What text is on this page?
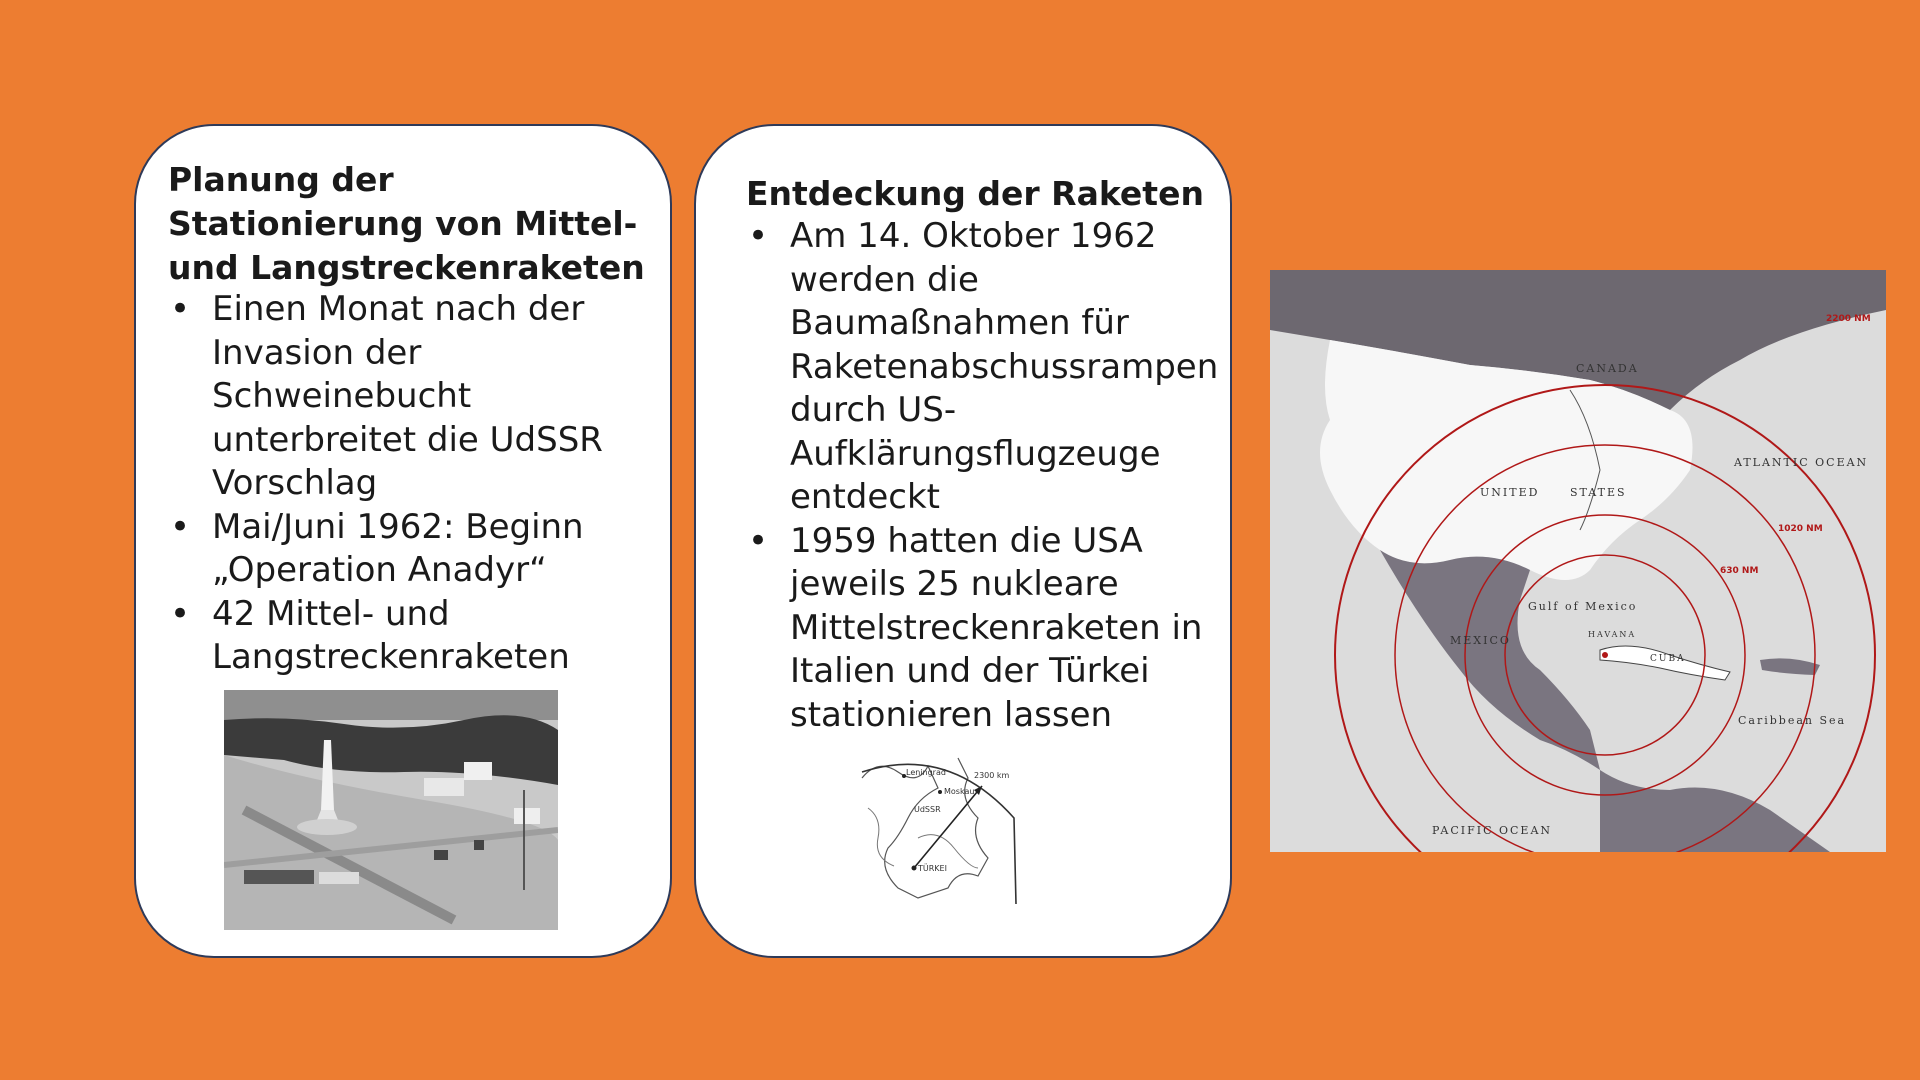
Planung der Stationierung von Mittel- und Langstreckenraketen
• Einen Monat nach der Invasion der Schweinebucht unterbreitet die UdSSR Vorschlag
• Mai/Juni 1962: Beginn „Operation Anadyr“
• 42 Mittel- und Langstreckenraketen
Entdeckung der Raketen
• Am 14. Oktober 1962 werden die Baumaßnahmen für Raketenabschussrampen durch US-Aufklärungsflugzeuge entdeckt
• 1959 hatten die USA jeweils 25 nukleare Mittelstreckenraketen in Italien und der Türkei stationieren lassen
Leningrad
Moskau
UdSSR
TÜRKEI
2300 km
CANADA
UNITED	STATES
MEXICO
ATLANTIC OCEAN
PACIFIC OCEAN
Gulf of Mexico
Caribbean Sea
CUBA
HAVANA
2200 NM
1020 NM
630 NM
